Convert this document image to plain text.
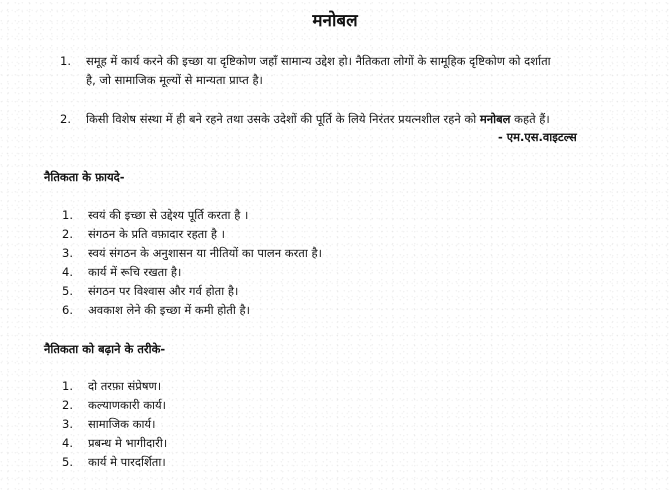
मनोबल
1. समूह में कार्य करने की इच्छा या दृष्टिकोण जहाँ सामान्य उद्देश हो। नैतिकता लोगों के सामूहिक दृष्टिकोण को दर्शाता
है, जो सामाजिक मूल्यों से मान्यता प्राप्त है।
2. किसी विशेष संस्था में ही बने रहने तथा उसके उदेशों की पूर्ति के लिये निरंतर प्रयत्नशील रहने को मनोबल कहते हैं।
- एम.एस.वाइटल्स
नैतिकता के फ़ायदे-
1. स्वयं की इच्छा से उद्देश्य पूर्ति करता है ।
2. संगठन के प्रति वफ़ादार रहता है ।
3. स्वयं संगठन के अनुशासन या नीतियों का पालन करता है।
4. कार्य में रूचि रखता है।
5. संगठन पर विश्वास और गर्व होता है।
6. अवकाश लेने की इच्छा में कमी होती है।
नैतिकता को बढ़ाने के तरीके-
1. दो तरफ़ा संप्रेषण।
2. कल्याणकारी कार्य।
3. सामाजिक कार्य।
4. प्रबन्ध मे भागीदारी।
5. कार्य मे पारदर्शिता।
